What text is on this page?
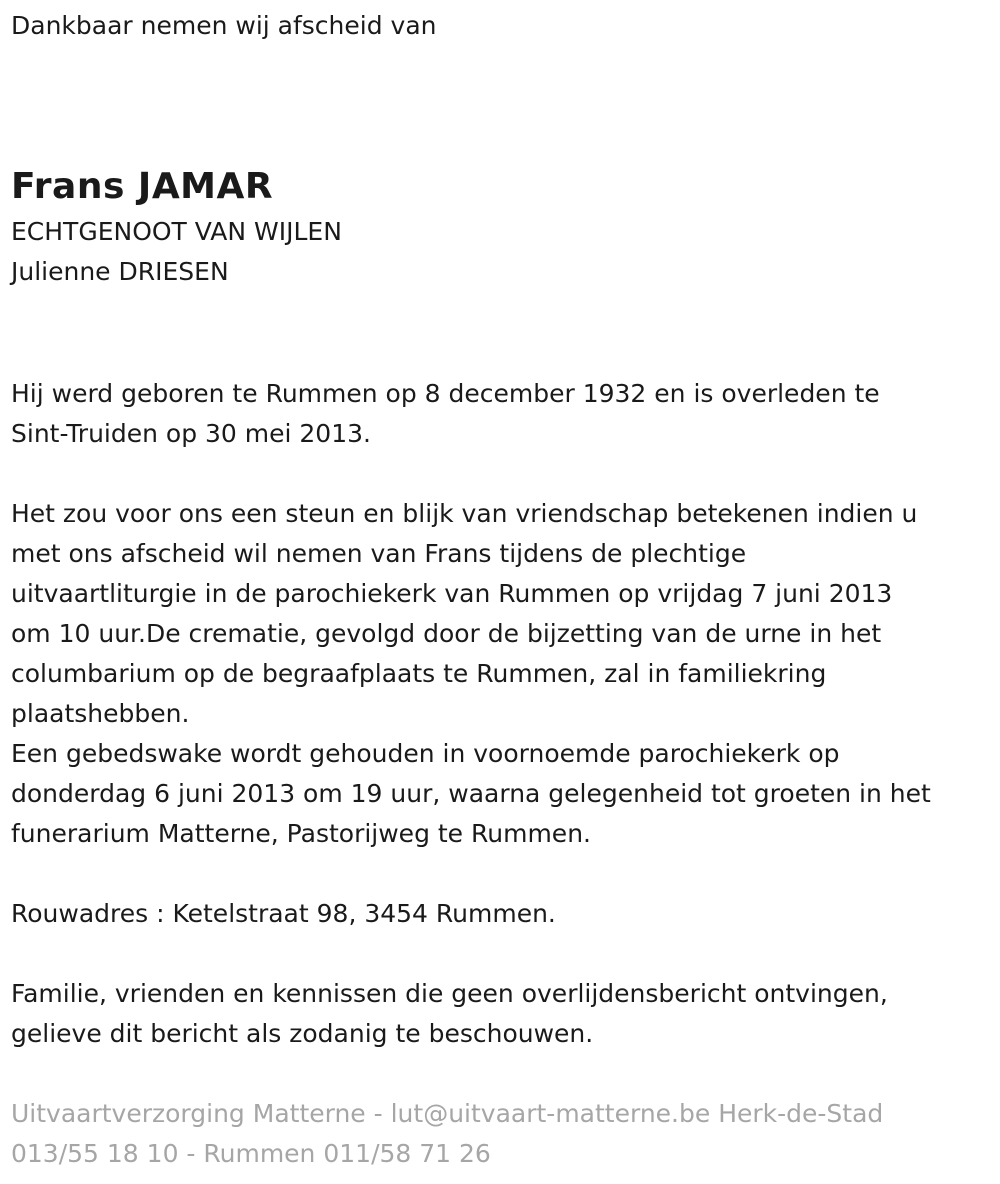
Dankbaar nemen wij afscheid van

Frans JAMAR

ECHTGENOOT VAN WIJLEN

Julienne DRIESEN

Hij werd geboren te Rummen op 8 december 1932 en is overleden te

Sint-Truiden op 30 mei 2013.

Het zou voor ons een steun en blijk van vriendschap betekenen indien u

met ons afscheid wil nemen van Frans tijdens de plechtige

uitvaartliturgie in de parochiekerk van Rummen op vrijdag 7 juni 2013

om 10 uur.De crematie, gevolgd door de bijzetting van de urne in het

columbarium op de begraafplaats te Rummen, zal in familiekring

plaatshebben.

Een gebedswake wordt gehouden in voornoemde parochiekerk op

donderdag 6 juni 2013 om 19 uur, waarna gelegenheid tot groeten in het

funerarium Matterne, Pastorijweg te Rummen.

Rouwadres : Ketelstraat 98, 3454 Rummen.

Familie, vrienden en kennissen die geen overlijdensbericht ontvingen,

gelieve dit bericht als zodanig te beschouwen.

Uitvaartverzorging Matterne - lut@uitvaart-matterne.be Herk-de-Stad

013/55 18 10 - Rummen 011/58 71 26
